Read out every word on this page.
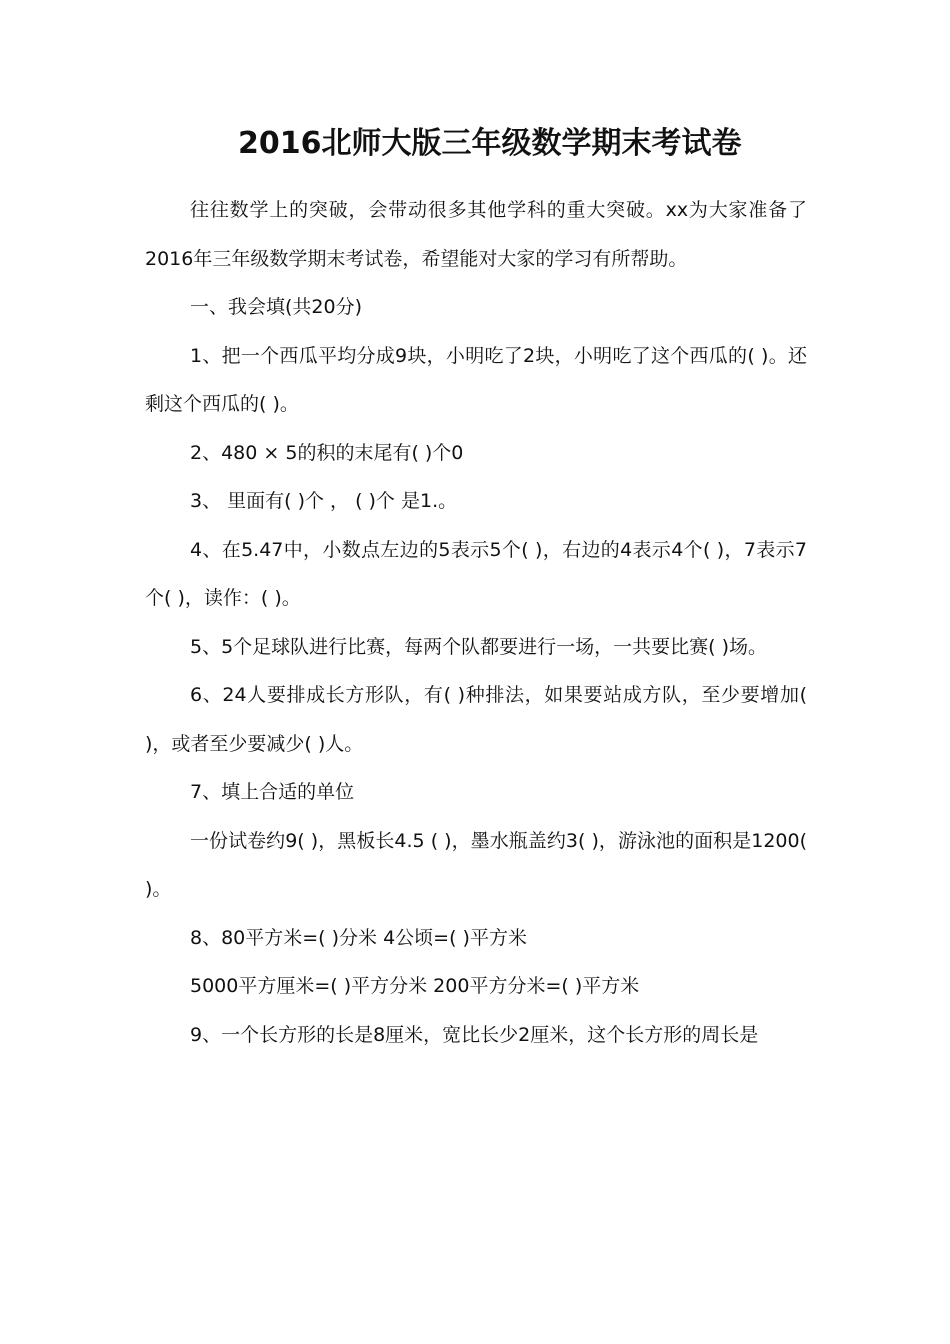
2016北师大版三年级数学期末考试卷

往往数学上的突破，会带动很多其他学科的重大突破。xx为大家准备了2016年三年级数学期末考试卷，希望能对大家的学习有所帮助。

一、我会填(共20分)

1、把一个西瓜平均分成9块，小明吃了2块，小明吃了这个西瓜的( )。还剩这个西瓜的( )。

2、480 × 5的积的末尾有( )个0

3、 里面有( )个 ， ( )个 是1.。

4、在5.47中，小数点左边的5表示5个( )，右边的4表示4个( )，7表示7个( )，读作：( )。

5、5个足球队进行比赛，每两个队都要进行一场，一共要比赛( )场。

6、24人要排成长方形队，有( )种排法，如果要站成方队，至少要增加( )，或者至少要减少( )人。

7、填上合适的单位

一份试卷约9( )，黑板长4.5 ( )，墨水瓶盖约3( )，游泳池的面积是1200( )。

8、80平方米=( )分米 4公顷=( )平方米

5000平方厘米=( )平方分米 200平方分米=( )平方米

9、一个长方形的长是8厘米，宽比长少2厘米，这个长方形的周长是
